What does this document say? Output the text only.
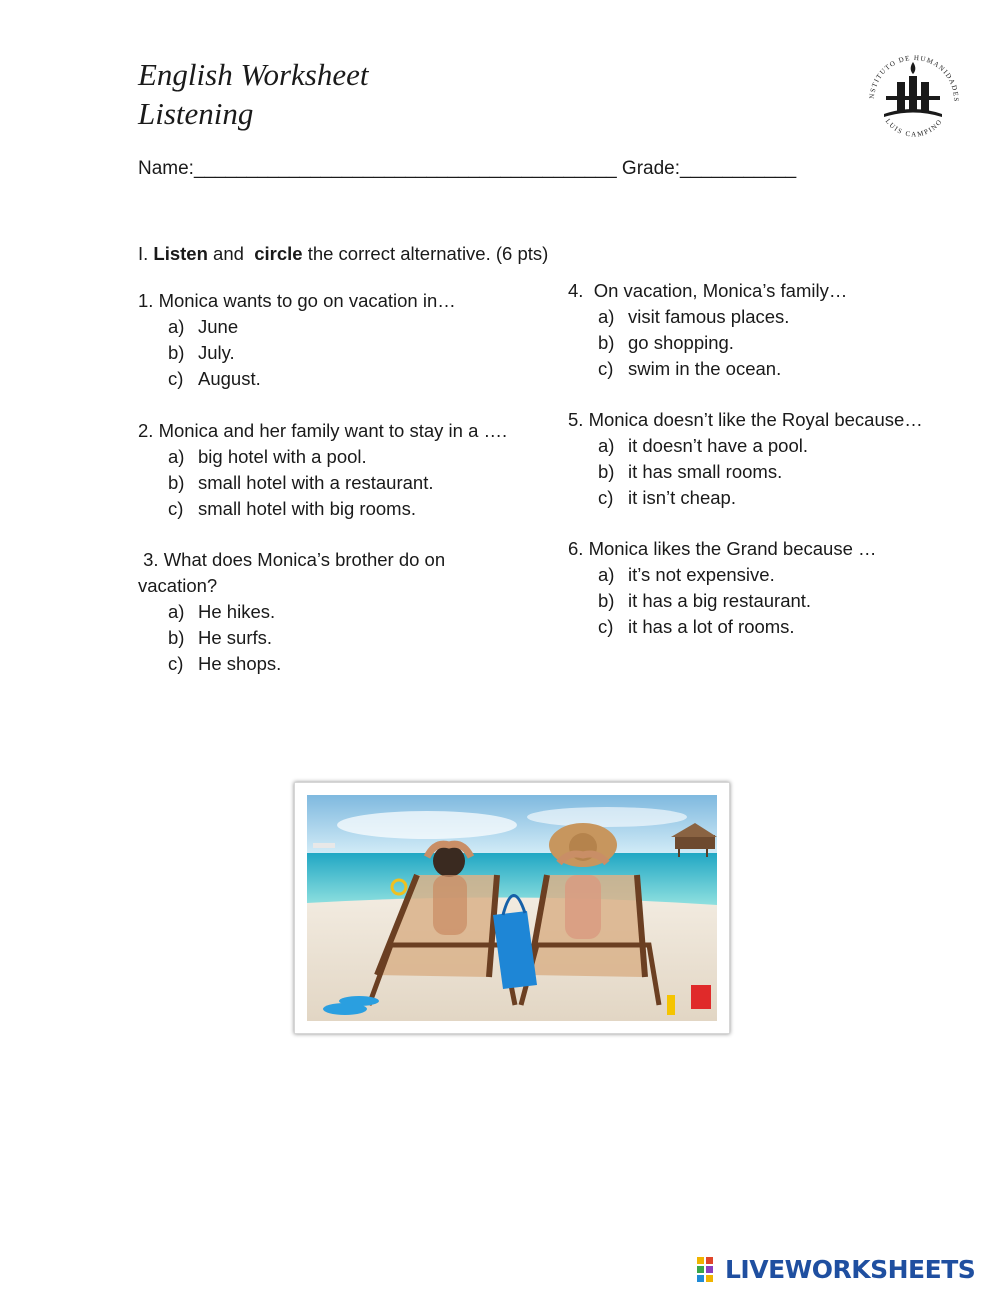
English Worksheet
Listening
NSTITUTO DE HUMANIDADES
LUIS CAMPINO
Name:________________________________________ Grade:___________
I. Listen and circle the correct alternative. (6 pts)
1. Monica wants to go on vacation in…
a) June
b) July.
c) August.
2. Monica and her family want to stay in a ….
a) big hotel with a pool.
b) small hotel with a restaurant.
c) small hotel with big rooms.
3. What does Monica’s brother do on
vacation?
a) He hikes.
b) He surfs.
c) He shops.
4.  On vacation, Monica’s family…
a) visit famous places.
b) go shopping.
c) swim in the ocean.
5. Monica doesn’t like the Royal because…
a) it doesn’t have a pool.
b) it has small rooms.
c) it isn’t cheap.
6. Monica likes the Grand because …
a) it’s not expensive.
b) it has a big restaurant.
c) it has a lot of rooms.
LIVEWORKSHEETS
